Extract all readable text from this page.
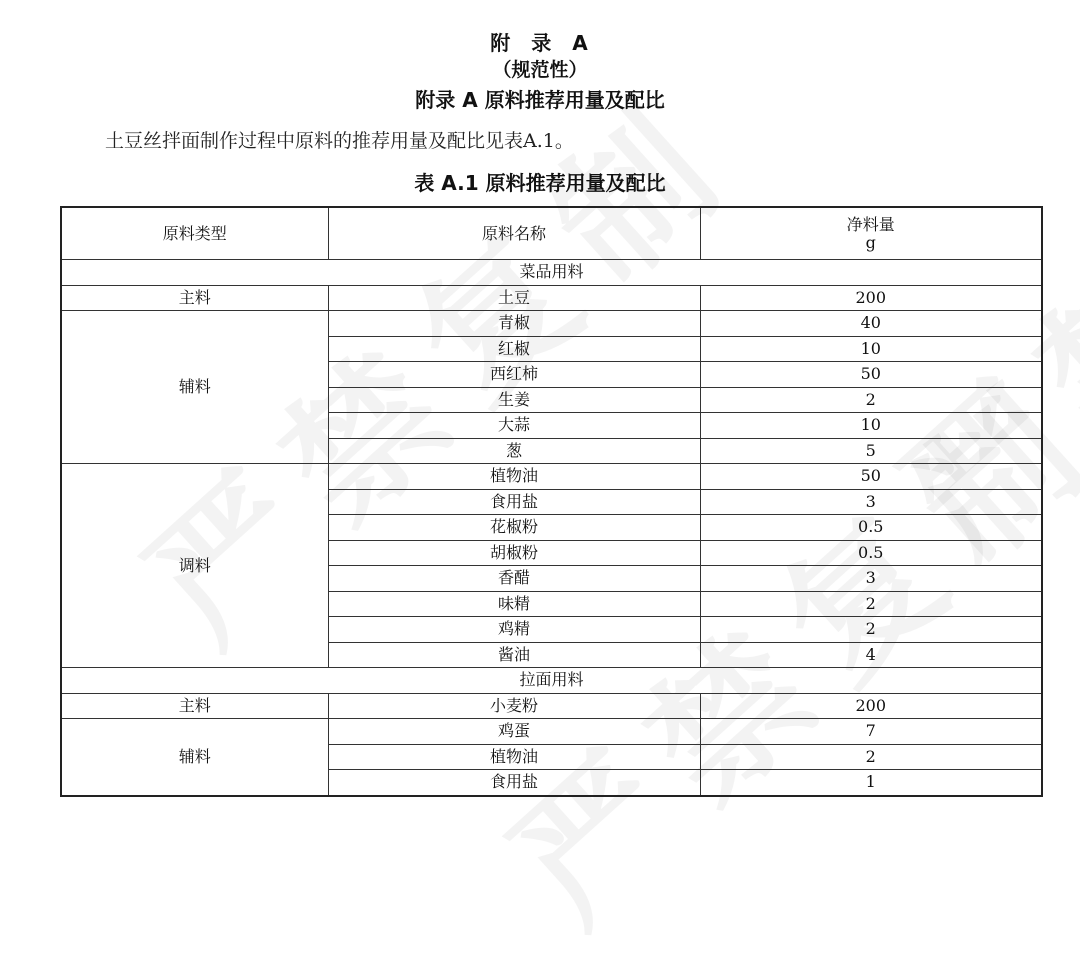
附 录 A
（规范性）
附录 A 原料推荐用量及配比
土豆丝拌面制作过程中原料的推荐用量及配比见表A.1。
表 A.1 原料推荐用量及配比
原料类型	原料名称	净料量
g

菜品用料		
主料	土豆	200
辅料	青椒	40
	红椒	10
	西红柿	50
	生姜	2
	大蒜	10
	葱	5
调料	植物油	50
	食用盐	3
	花椒粉	0.5
	胡椒粉	0.5
	香醋	3
	味精	2
	鸡精	2
	酱油	4
拉面用料		
主料	小麦粉	200
辅料	鸡蛋	7
	植物油	2
	食用盐	1
